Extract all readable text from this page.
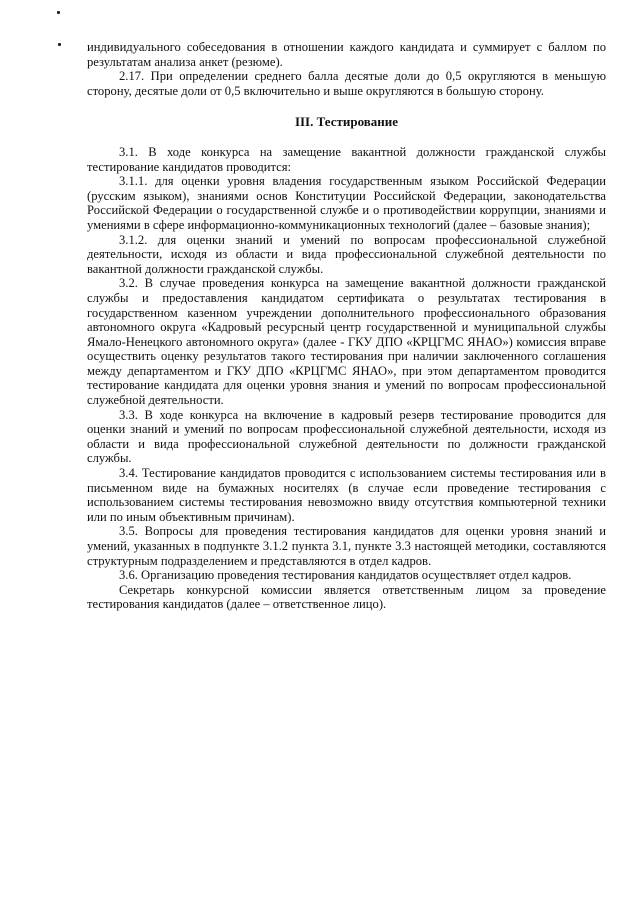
индивидуального собеседования в отношении каждого кандидата и суммирует с баллом по результатам анализа анкет (резюме).

2.17. При определении среднего балла десятые доли до 0,5 округляются в меньшую сторону, десятые доли от 0,5 включительно и выше округляются в большую сторону.

III. Тестирование

3.1. В ходе конкурса на замещение вакантной должности гражданской службы тестирование кандидатов проводится:

3.1.1. для оценки уровня владения государственным языком Российской Федерации (русским языком), знаниями основ Конституции Российской Федерации, законодательства Российской Федерации о государственной службе и о противодействии коррупции, знаниями и умениями в сфере информационно-коммуникационных технологий (далее – базовые знания);

3.1.2. для оценки знаний и умений по вопросам профессиональной служебной деятельности, исходя из области и вида профессиональной служебной деятельности по вакантной должности гражданской службы.

3.2. В случае проведения конкурса на замещение вакантной должности гражданской службы и предоставления кандидатом сертификата о результатах тестирования в государственном казенном учреждении дополнительного профессионального образования автономного округа «Кадровый ресурсный центр государственной и муниципальной службы Ямало-Ненецкого автономного округа» (далее - ГКУ ДПО «КРЦГМС ЯНАО») комиссия вправе осуществить оценку результатов такого тестирования при наличии заключенного соглашения между департаментом и ГКУ ДПО «КРЦГМС ЯНАО», при этом департаментом проводится тестирование кандидата для оценки уровня знания и умений по вопросам профессиональной служебной деятельности.

3.3. В ходе конкурса на включение в кадровый резерв тестирование проводится для оценки знаний и умений по вопросам профессиональной служебной деятельности, исходя из области и вида профессиональной служебной деятельности по должности гражданской службы.

3.4. Тестирование кандидатов проводится с использованием системы тестирования или в письменном виде на бумажных носителях (в случае если проведение тестирования с использованием системы тестирования невозможно ввиду отсутствия компьютерной техники или по иным объективным причинам).

3.5. Вопросы для проведения тестирования кандидатов для оценки уровня знаний и умений, указанных в подпункте 3.1.2 пункта 3.1, пункте 3.3 настоящей методики, составляются структурным подразделением и представляются в отдел кадров.

3.6. Организацию проведения тестирования кандидатов осуществляет отдел кадров.

Секретарь конкурсной комиссии является ответственным лицом за проведение тестирования кандидатов (далее – ответственное лицо).
